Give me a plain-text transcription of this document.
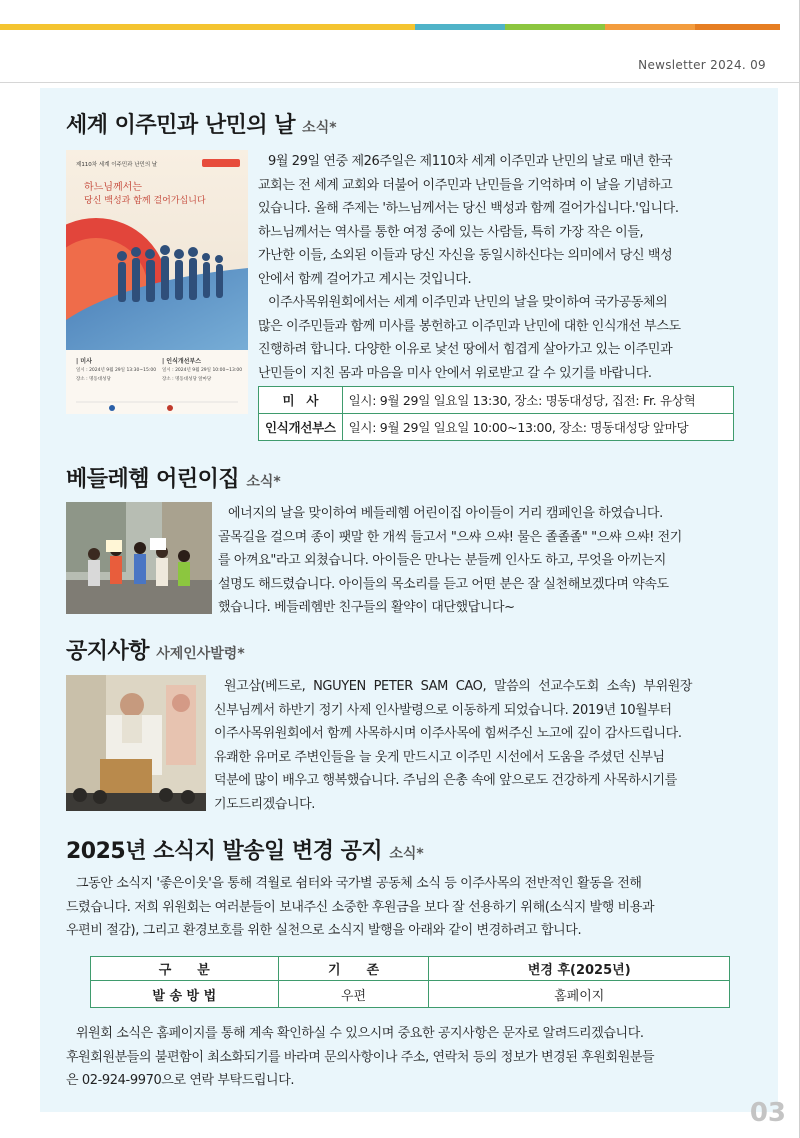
Newsletter 2024. 09
세계 이주민과 난민의 날 소식*
제110차 세계 이주민과 난민의 날
하느님께서는
당신 백성과 함께 걸어가십니다
| 미사
일시 : 2024년 9월 29일 13:30~15:00
장소 : 명동대성당
| 인식개선부스
일시 : 2024년 9월 29일 10:00~13:00
장소 : 명동대성당 앞마당

9월 29일 연중 제26주일은 제110차 세계 이주민과 난민의 날로 매년 한국

교회는 전 세계 교회와 더불어 이주민과 난민들을 기억하며 이 날을 기념하고

있습니다. 올해 주제는 '하느님께서는 당신 백성과 함께 걸어가십니다.'입니다.

하느님께서는 역사를 통한 여정 중에 있는 사람들, 특히 가장 작은 이들,

가난한 이들, 소외된 이들과 당신 자신을 동일시하신다는 의미에서 당신 백성

안에서 함께 걸어가고 계시는 것입니다.

이주사목위원회에서는 세계 이주민과 난민의 날을 맞이하여 국가공동체의

많은 이주민들과 함께 미사를 봉헌하고 이주민과 난민에 대한 인식개선 부스도

진행하려 합니다. 다양한 이유로 낯선 땅에서 힘겹게 살아가고 있는 이주민과

난민들이 지친 몸과 마음을 미사 안에서 위로받고 갈 수 있기를 바랍니다.

미　사	일시: 9월 29일 일요일 13:30, 장소: 명동대성당, 집전: Fr. 유상혁
인식개선부스	일시: 9월 29일 일요일 10:00~13:00, 장소: 명동대성당 앞마당
베들레헴 어린이집 소식*

에너지의 날을 맞이하여 베들레헴 어린이집 아이들이 거리 캠페인을 하였습니다.

골목길을 걸으며 종이 팻말 한 개씩 들고서 "으쌰 으쌰! 물은 졸졸졸" "으쌰 으쌰! 전기

를 아껴요"라고 외쳤습니다. 아이들은 만나는 분들께 인사도 하고, 무엇을 아끼는지

설명도 해드렸습니다. 아이들의 목소리를 듣고 어떤 분은 잘 실천해보겠다며 약속도

했습니다. 베들레헴반 친구들의 활약이 대단했답니다~

공지사항 사제인사발령*

원고삼(베드로, NGUYEN PETER SAM CAO, 말씀의 선교수도회 소속) 부위원장

신부님께서 하반기 정기 사제 인사발령으로 이동하게 되었습니다. 2019년 10월부터

이주사목위원회에서 함께 사목하시며 이주사목에 힘써주신 노고에 깊이 감사드립니다.

유쾌한 유머로 주변인들을 늘 웃게 만드시고 이주민 시선에서 도움을 주셨던 신부님

덕분에 많이 배우고 행복했습니다. 주님의 은총 속에 앞으로도 건강하게 사목하시기를

기도드리겠습니다.

2025년 소식지 발송일 변경 공지 소식*

그동안 소식지 '좋은이웃'을 통해 격월로 쉼터와 국가별 공동체 소식 등 이주사목의 전반적인 활동을 전해

드렸습니다. 저희 위원회는 여러분들이 보내주신 소중한 후원금을 보다 잘 선용하기 위해(소식지 발행 비용과

우편비 절감), 그리고 환경보호를 위한 실천으로 소식지 발행을 아래와 같이 변경하려고 합니다.

구　　분	기　　존	변경 후(2025년)
발 송 방 법	우편	홈페이지

위원회 소식은 홈페이지를 통해 계속 확인하실 수 있으시며 중요한 공지사항은 문자로 알려드리겠습니다.

후원회원분들의 불편함이 최소화되기를 바라며 문의사항이나 주소, 연락처 등의 정보가 변경된 후원회원분들

은 02-924-9970으로 연락 부탁드립니다.

03
